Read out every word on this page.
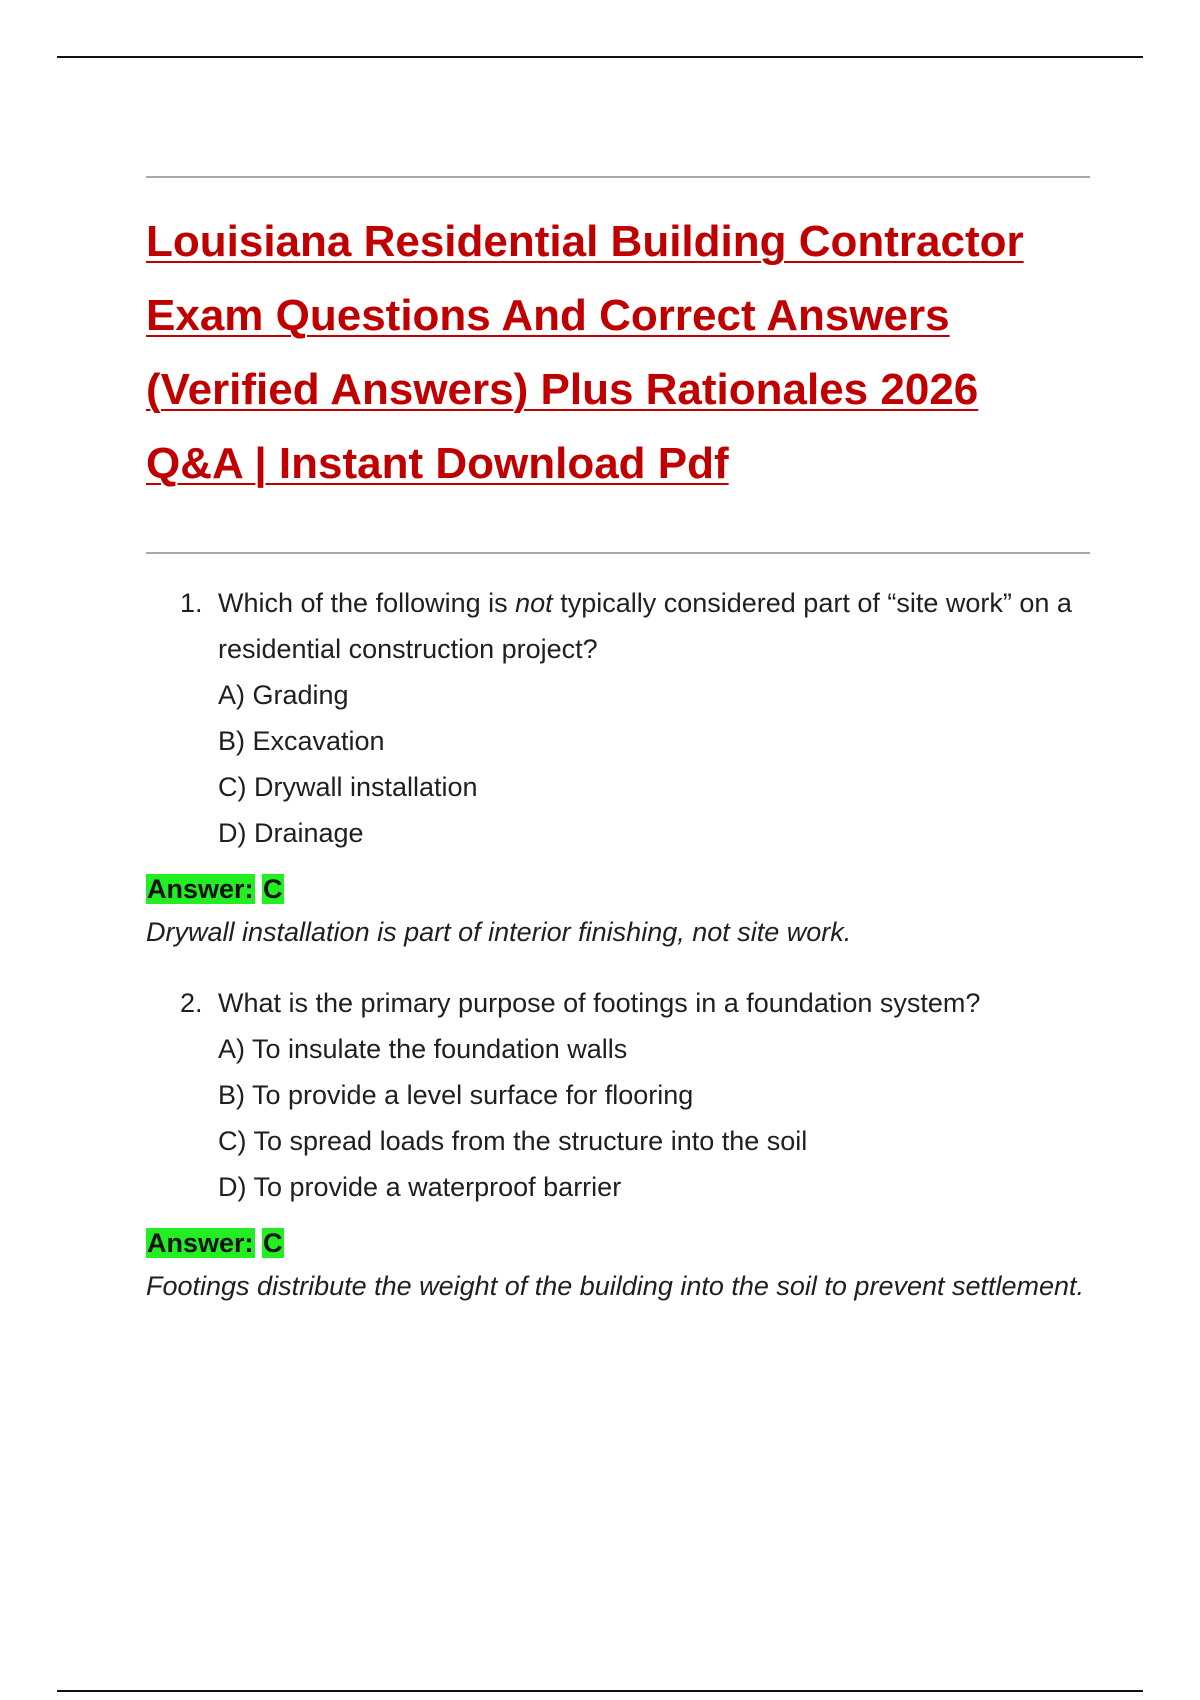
Louisiana Residential Building Contractor
Exam Questions And Correct Answers
(Verified Answers) Plus Rationales 2026
Q&A | Instant Download Pdf

1. Which of the following is not typically considered part of “site work” on a residential construction project?

A) Grading

B) Excavation

C) Drywall installation

D) Drainage

Answer: C

Drywall installation is part of interior finishing, not site work.

2. What is the primary purpose of footings in a foundation system?

A) To insulate the foundation walls

B) To provide a level surface for flooring

C) To spread loads from the structure into the soil

D) To provide a waterproof barrier

Answer: C

Footings distribute the weight of the building into the soil to prevent settlement.
